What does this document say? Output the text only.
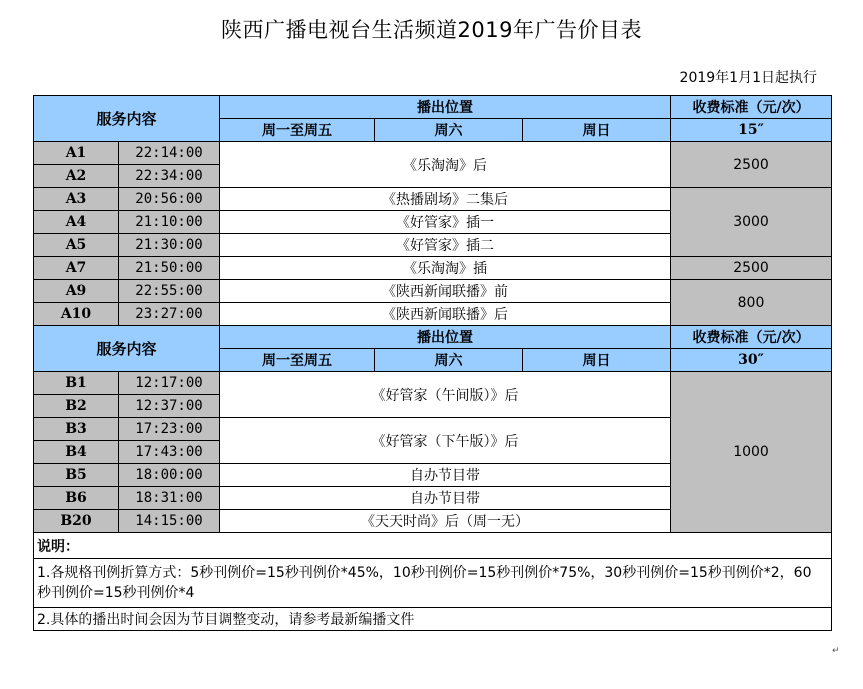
陕西广播电视台生活频道2019年广告价目表
2019年1月1日起执行
服务内容		播出位置			收费标准（元/次）
		周一至周五	周六	周日	15″
A1	22:14:00	《乐淘淘》后			2500
A2	22:34:00				
A3	20:56:00	《热播剧场》二集后			3000
A4	21:10:00	《好管家》插一			
A5	21:30:00	《好管家》插二			
A7	21:50:00	《乐淘淘》插			2500
A9	22:55:00	《陕西新闻联播》前			800
A10	23:27:00	《陕西新闻联播》后			
服务内容		播出位置			收费标准（元/次）
		周一至周五	周六	周日	30″
B1	12:17:00	《好管家（午间版）》后			1000
B2	12:37:00				
B3	17:23:00	《好管家（下午版）》后			
B4	17:43:00				
B5	18:00:00	自办节目带			
B6	18:31:00	自办节目带			
B20	14:15:00	《天天时尚》后（周一无）			
说明：					
1.各规格刊例折算方式：5秒刊例价=15秒刊例价*45%，10秒刊例价=15秒刊例价*75%，30秒刊例价=15秒刊例价*2，60秒刊例价=15秒刊例价*4					
2.具体的播出时间会因为节目调整变动，请参考最新编播文件					
↵
